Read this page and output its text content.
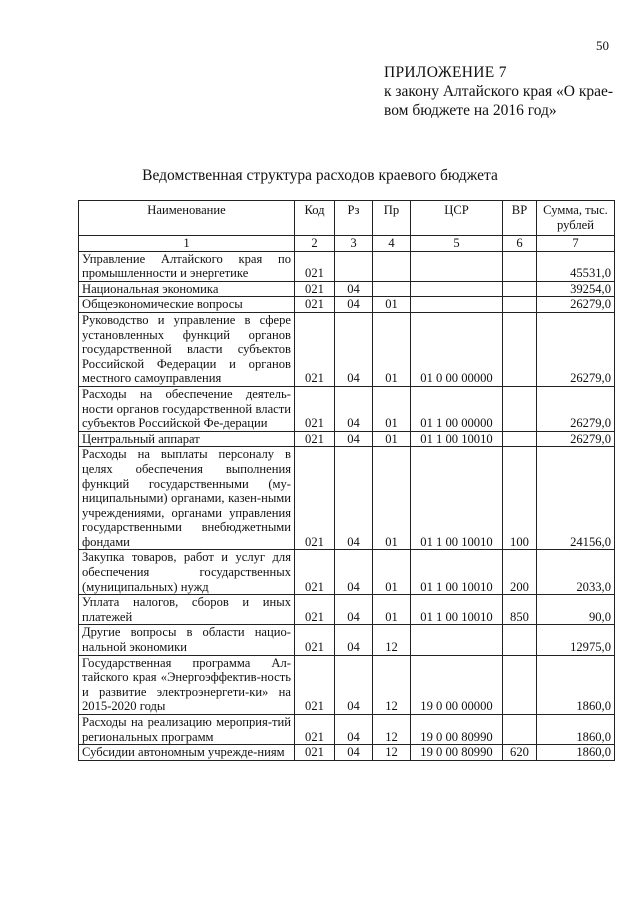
50
ПРИЛОЖЕНИЕ 7
к закону Алтайского края «О крае-
вом бюджете на 2016 год»
Ведомственная структура расходов краевого бюджета
Наименование	Код	Рз	Пр	ЦСР	ВР	Сумма, тыс. рублей
1	2	3	4	5	6	7
Управление Алтайского края по промышленности и энергетике	021					45531,0
Национальная экономика	021	04				39254,0
Общеэкономические вопросы	021	04	01			26279,0
Руководство и управление в сфере установленных функций органов государственной власти субъектов Российской Федерации и органов местного самоуправления	021	04	01	01 0 00 00000		26279,0
Расходы на обеспечение деятель-ности органов государственной власти субъектов Российской Фе-дерации	021	04	01	01 1 00 00000		26279,0
Центральный аппарат	021	04	01	01 1 00 10010		26279,0
Расходы на выплаты персоналу в целях обеспечения выполнения функций государственными (му-ниципальными) органами, казен-ными учреждениями, органами управления государственными внебюджетными фондами	021	04	01	01 1 00 10010	100	24156,0
Закупка товаров, работ и услуг для обеспечения государственных (муниципальных) нужд	021	04	01	01 1 00 10010	200	2033,0
Уплата налогов, сборов и иных платежей	021	04	01	01 1 00 10010	850	90,0
Другие вопросы в области нацио-нальной экономики	021	04	12			12975,0
Государственная программа Ал-тайского края «Энергоэффектив-ность и развитие электроэнергети-ки» на 2015-2020 годы	021	04	12	19 0 00 00000		1860,0
Расходы на реализацию мероприя-тий региональных программ	021	04	12	19 0 00 80990		1860,0
Субсидии автономным учрежде-ниям	021	04	12	19 0 00 80990	620	1860,0
